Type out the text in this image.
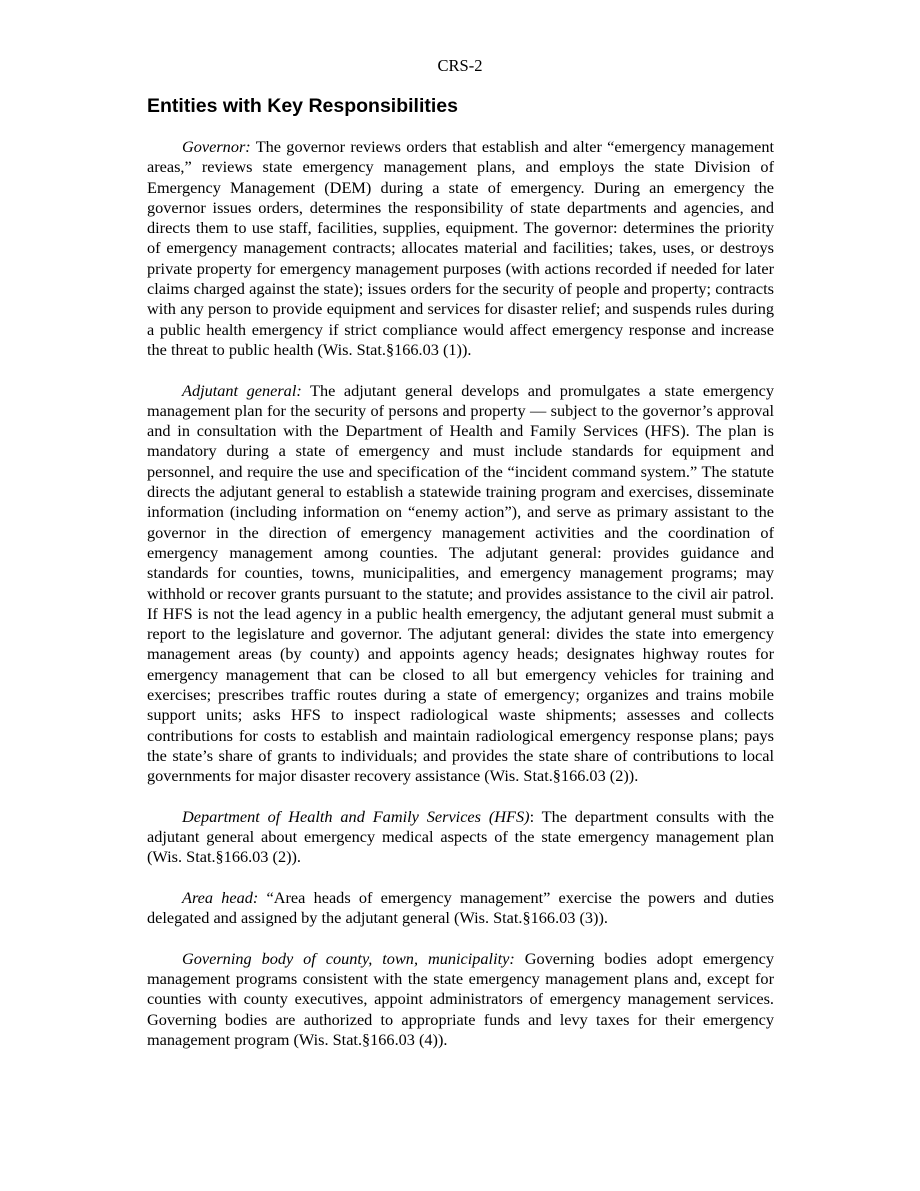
CRS-2
Entities with Key Responsibilities

Governor: The governor reviews orders that establish and alter “emergency management areas,” reviews state emergency management plans, and employs the state Division of Emergency Management (DEM) during a state of emergency. During an emergency the governor issues orders, determines the responsibility of state departments and agencies, and directs them to use staff, facilities, supplies, equipment. The governor: determines the priority of emergency management contracts; allocates material and facilities; takes, uses, or destroys private property for emergency management purposes (with actions recorded if needed for later claims charged against the state); issues orders for the security of people and property; contracts with any person to provide equipment and services for disaster relief; and suspends rules during a public health emergency if strict compliance would affect emergency response and increase the threat to public health (Wis. Stat.§166.03 (1)).

Adjutant general: The adjutant general develops and promulgates a state emergency management plan for the security of persons and property — subject to the governor’s approval and in consultation with the Department of Health and Family Services (HFS). The plan is mandatory during a state of emergency and must include standards for equipment and personnel, and require the use and specification of the “incident command system.” The statute directs the adjutant general to establish a statewide training program and exercises, disseminate information (including information on “enemy action”), and serve as primary assistant to the governor in the direction of emergency management activities and the coordination of emergency management among counties. The adjutant general: provides guidance and standards for counties, towns, municipalities, and emergency management programs; may withhold or recover grants pursuant to the statute; and provides assistance to the civil air patrol. If HFS is not the lead agency in a public health emergency, the adjutant general must submit a report to the legislature and governor. The adjutant general: divides the state into emergency management areas (by county) and appoints agency heads; designates highway routes for emergency management that can be closed to all but emergency vehicles for training and exercises; prescribes traffic routes during a state of emergency; organizes and trains mobile support units; asks HFS to inspect radiological waste shipments; assesses and collects contributions for costs to establish and maintain radiological emergency response plans; pays the state’s share of grants to individuals; and provides the state share of contributions to local governments for major disaster recovery assistance (Wis. Stat.§166.03 (2)).

Department of Health and Family Services (HFS): The department consults with the adjutant general about emergency medical aspects of the state emergency management plan (Wis. Stat.§166.03 (2)).

Area head: “Area heads of emergency management” exercise the powers and duties delegated and assigned by the adjutant general (Wis. Stat.§166.03 (3)).

Governing body of county, town, municipality: Governing bodies adopt emergency management programs consistent with the state emergency management plans and, except for counties with county executives, appoint administrators of emergency management services. Governing bodies are authorized to appropriate funds and levy taxes for their emergency management program (Wis. Stat.§166.03 (4)).
